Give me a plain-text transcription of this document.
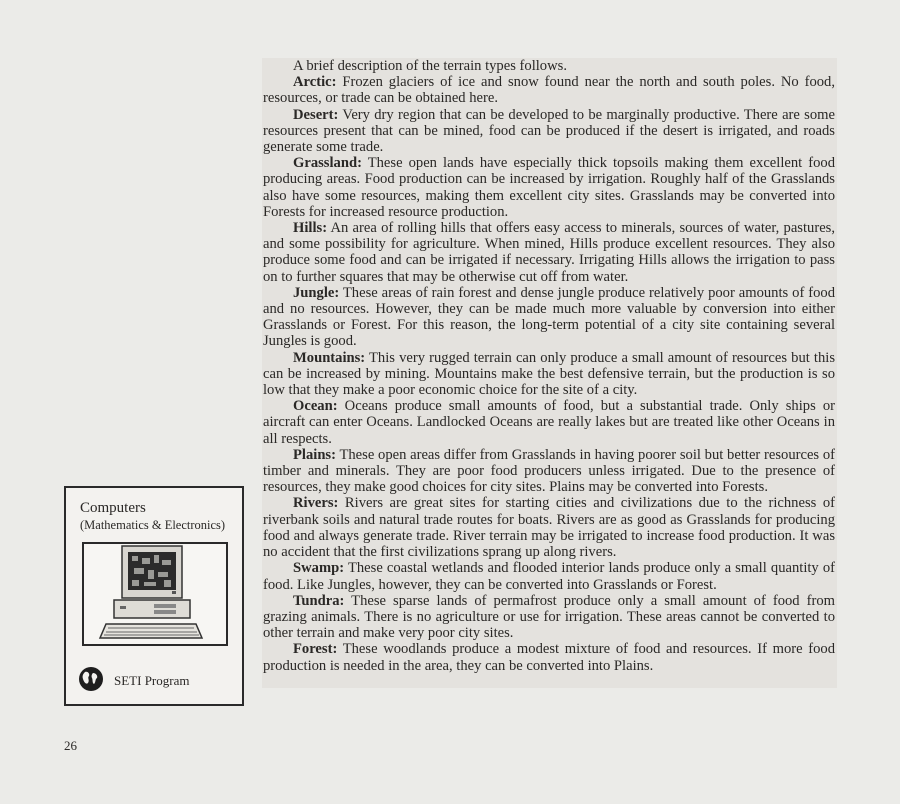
A brief description of the terrain types follows.

Arctic: Frozen glaciers of ice and snow found near the north and south poles. No food, resources, or trade can be obtained here.

Desert: Very dry region that can be developed to be marginally productive. There are some resources present that can be mined, food can be produced if the desert is irrigated, and roads generate some trade.

Grassland: These open lands have especially thick topsoils making them excellent food producing areas. Food production can be increased by irrigation. Roughly half of the Grasslands also have some resources, making them excellent city sites. Grasslands may be converted into Forests for increased resource production.

Hills: An area of rolling hills that offers easy access to minerals, sources of water, pastures, and some possibility for agriculture. When mined, Hills produce excellent resources. They also produce some food and can be irrigated if necessary. Irrigating Hills allows the irrigation to pass on to further squares that may be otherwise cut off from water.

Jungle: These areas of rain forest and dense jungle produce relatively poor amounts of food and no resources. However, they can be made much more valuable by conversion into either Grasslands or Forest. For this reason, the long-term potential of a city site containing several Jungles is good.

Mountains: This very rugged terrain can only produce a small amount of resources but this can be increased by mining. Mountains make the best defensive terrain, but the production is so low that they make a poor economic choice for the site of a city.

Ocean: Oceans produce small amounts of food, but a substantial trade. Only ships or aircraft can enter Oceans. Landlocked Oceans are really lakes but are treated like other Oceans in all respects.

Plains: These open areas differ from Grasslands in having poorer soil but better resources of timber and minerals. They are poor food producers unless irrigated. Due to the presence of resources, they make good choices for city sites. Plains may be converted into Forests.

Rivers: Rivers are great sites for starting cities and civilizations due to the richness of riverbank soils and natural trade routes for boats. Rivers are as good as Grasslands for producing food and always generate trade. River terrain may be irrigated to increase food production. It was no accident that the first civilizations sprang up along rivers.

Swamp: These coastal wetlands and flooded interior lands produce only a small quantity of food. Like Jungles, however, they can be converted into Grasslands or Forest.

Tundra: These sparse lands of permafrost produce only a small amount of food from grazing animals. There is no agriculture or use for irrigation. These areas cannot be converted to other terrain and make very poor city sites.

Forest: These woodlands produce a modest mixture of food and resources. If more food production is needed in the area, they can be converted into Plains.

Computers
(Mathematics & Electronics)
SETI Program
26
